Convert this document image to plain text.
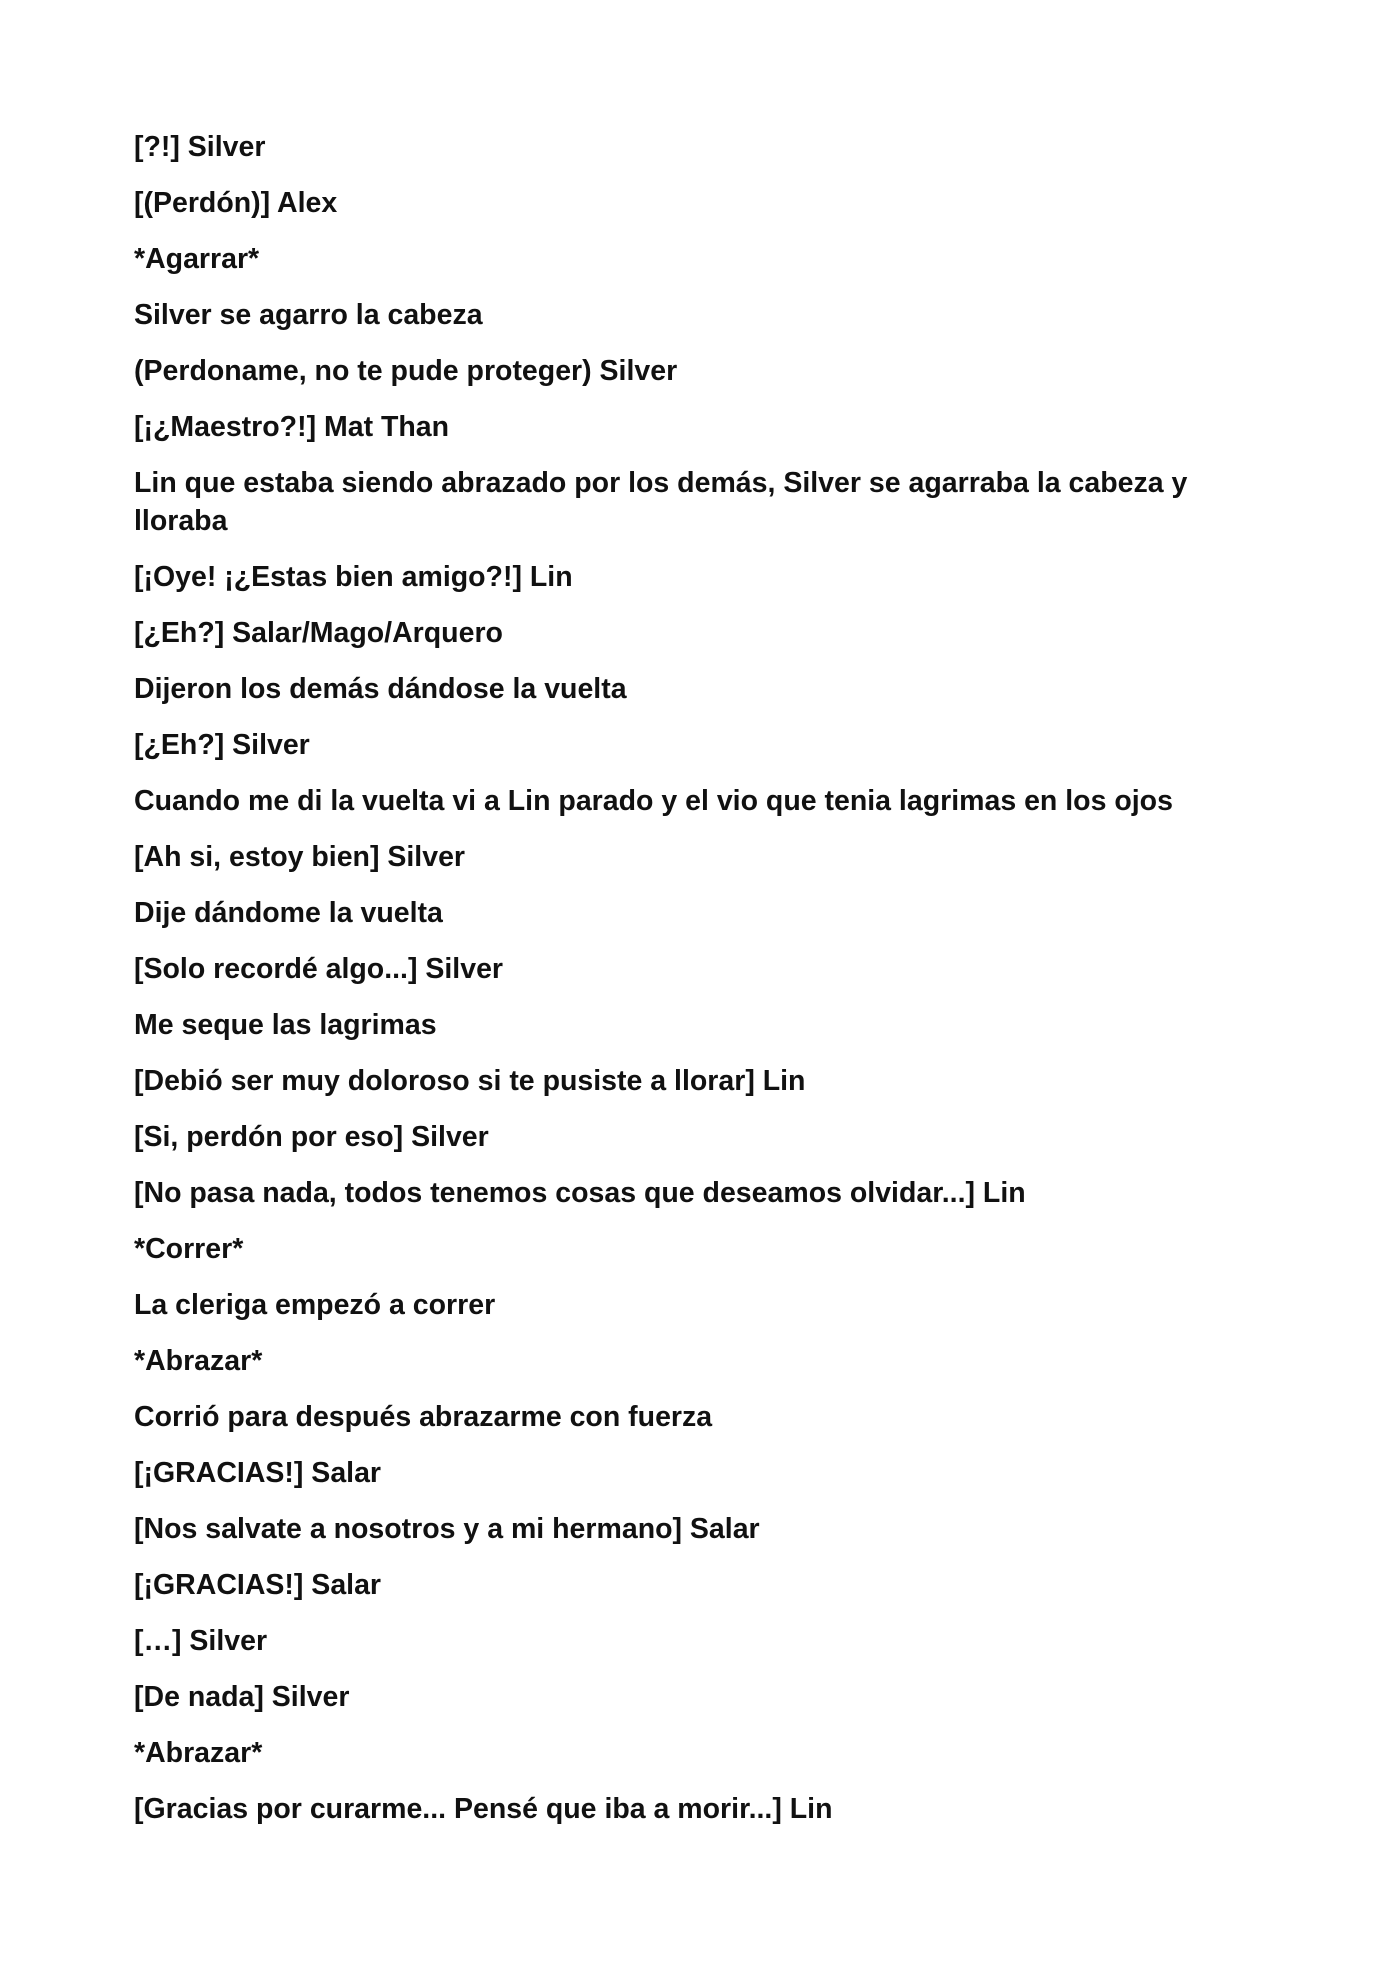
[?!] Silver

[(Perdón)] Alex

*Agarrar*

Silver se agarro la cabeza

(Perdoname, no te pude proteger) Silver

[¡¿Maestro?!] Mat Than

Lin que estaba siendo abrazado por los demás, Silver se agarraba la cabeza y lloraba

[¡Oye! ¡¿Estas bien amigo?!] Lin

[¿Eh?] Salar/Mago/Arquero

Dijeron los demás dándose la vuelta

[¿Eh?] Silver

Cuando me di la vuelta vi a Lin parado y el vio que tenia lagrimas en los ojos

[Ah si, estoy bien] Silver

Dije dándome la vuelta

[Solo recordé algo...] Silver

Me seque las lagrimas

[Debió ser muy doloroso si te pusiste a llorar] Lin

[Si, perdón por eso] Silver

[No pasa nada, todos tenemos cosas que deseamos olvidar...] Lin

*Correr*

La cleriga empezó a correr

*Abrazar*

Corrió para después abrazarme con fuerza

[¡GRACIAS!] Salar

[Nos salvate a nosotros y a mi hermano] Salar

[¡GRACIAS!] Salar

[…] Silver

[De nada] Silver

*Abrazar*

[Gracias por curarme... Pensé que iba a morir...] Lin
